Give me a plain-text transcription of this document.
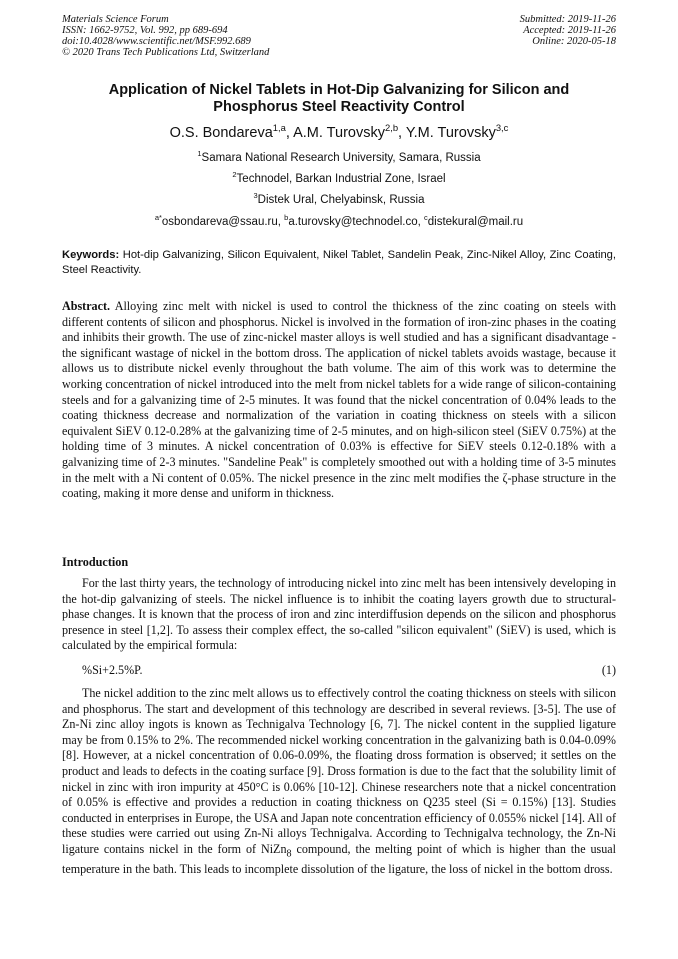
Materials Science Forum
ISSN: 1662-9752, Vol. 992, pp 689-694
doi:10.4028/www.scientific.net/MSF.992.689
© 2020 Trans Tech Publications Ltd, Switzerland
Submitted: 2019-11-26
Accepted: 2019-11-26
Online: 2020-05-18
Application of Nickel Tablets in Hot-Dip Galvanizing for Silicon and
Phosphorus Steel Reactivity Control
O.S. Bondareva$^{1,a}$, A.M. Turovsky$^{2,b}$, Y.M. Turovsky$^{3,c}$
$^1$Samara National Research University, Samara, Russia
$^2$Technodel, Barkan Industrial Zone, Israel
$^3$Distek Ural, Chelyabinsk, Russia
$^{a*}$osbondareva@ssau.ru, $^b$a.turovsky@technodel.co, $^c$distekural@mail.ru
Keywords: Hot-dip Galvanizing, Silicon Equivalent, Nikel Tablet, Sandelin Peak, Zinc-Nikel Alloy, Zinc Coating, Steel Reactivity.
Abstract. Alloying zinc melt with nickel is used to control the thickness of the zinc coating on steels with different contents of silicon and phosphorus. Nickel is involved in the formation of iron-zinc phases in the coating and inhibits their growth. The use of zinc-nickel master alloys is well studied and has a significant disadvantage - the significant wastage of nickel in the bottom dross. The application of nickel tablets avoids wastage, because it allows us to distribute nickel evenly throughout the bath volume. The aim of this work was to determine the working concentration of nickel introduced into the melt from nickel tablets for a wide range of silicon-containing steels and for a galvanizing time of 2-5 minutes. It was found that the nickel concentration of 0.04% leads to the coating thickness decrease and normalization of the variation in coating thickness on steels with a silicon equivalent SiEV 0.12-0.28% at the galvanizing time of 2-5 minutes, and on high-silicon steel (SiEV 0.75%) at the holding time of 3 minutes. A nickel concentration of 0.03% is effective for SiEV steels 0.12-0.18% with a galvanizing time of 2-3 minutes. "Sandeline Peak" is completely smoothed out with a holding time of 3-5 minutes in the melt with a Ni content of 0.05%. The nickel presence in the zinc melt modifies the ζ-phase structure in the coating, making it more dense and uniform in thickness.
Introduction
For the last thirty years, the technology of introducing nickel into zinc melt has been intensively developing in the hot-dip galvanizing of steels. The nickel influence is to inhibit the coating layers growth due to structural-phase changes. It is known that the process of iron and zinc interdiffusion depends on the silicon and phosphorus presence in steel [1,2]. To assess their complex effect, the so-called "silicon equivalent" (SiEV) is used, which is calculated by the empirical formula:
%Si+2.5%P.	(1)
The nickel addition to the zinc melt allows us to effectively control the coating thickness on steels with silicon and phosphorus. The start and development of this technology are described in several reviews. [3-5]. The use of Zn-Ni zinc alloy ingots is known as Technigalva Technology [6, 7]. The nickel content in the supplied ligature may be from 0.15% to 2%. The recommended nickel working concentration in the galvanizing bath is 0.04-0.09% [8]. However, at a nickel concentration of 0.06-0.09%, the floating dross formation is observed; it settles on the product and leads to defects in the coating surface [9]. Dross formation is due to the fact that the solubility limit of nickel in zinc with iron impurity at 450°C is 0.06% [10-12]. Chinese researchers note that a nickel concentration of 0.05% is effective and provides a reduction in coating thickness on Q235 steel (Si = 0.15%) [13]. Studies conducted in enterprises in Europe, the USA and Japan note concentration efficiency of 0.055% nickel [14]. All of these studies were carried out using Zn-Ni alloys Technigalva. According to Technigalva technology, the Zn-Ni ligature contains nickel in the form of NiZn$_8$ compound, the melting point of which is higher than the usual temperature in the bath. This leads to incomplete dissolution of the ligature, the loss of nickel in the bottom dross.
